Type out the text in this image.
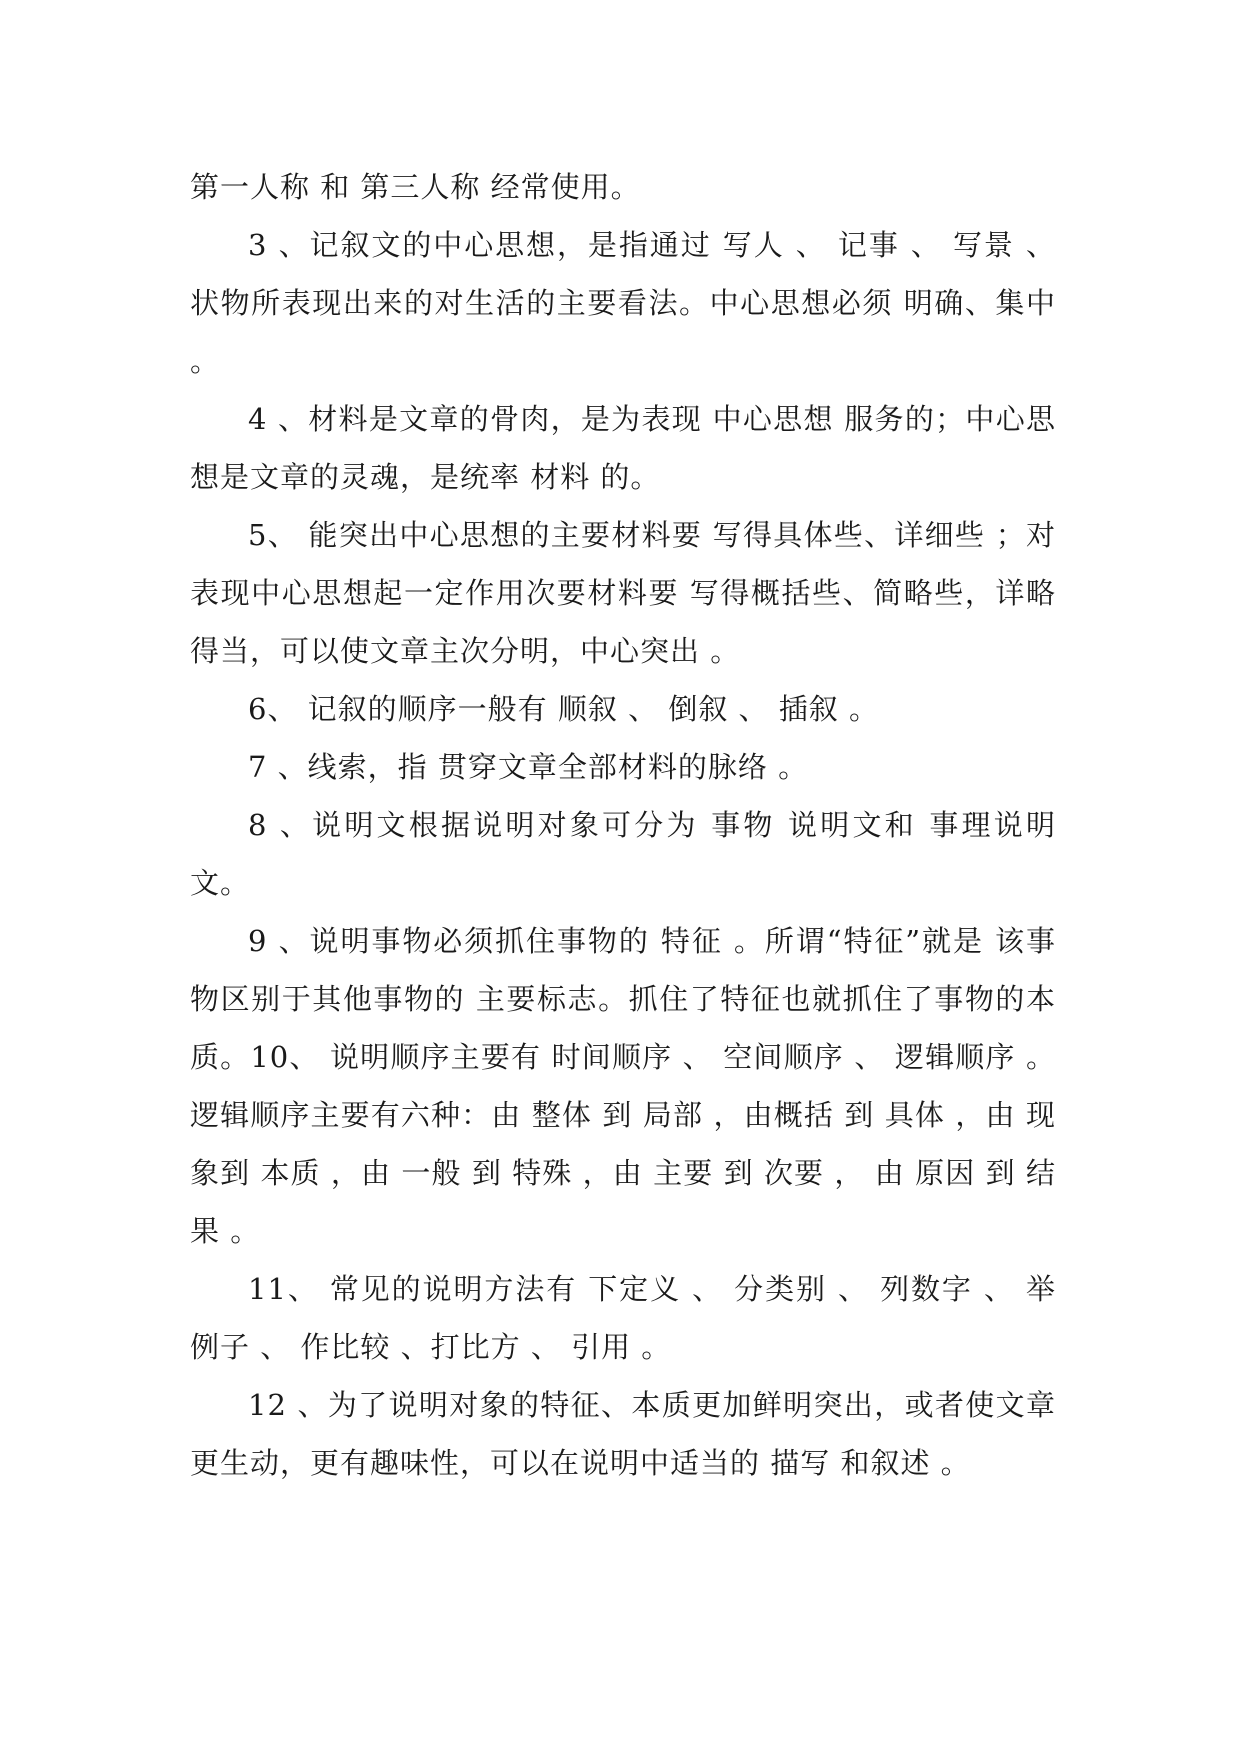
第一人称 和 第三人称 经常使用。

3 、记叙文的中心思想，是指通过 写人 、 记事 、 写景 、状物所表现出来的对生活的主要看法。中心思想必须 明确、集中 。

4 、材料是文章的骨肉，是为表现 中心思想 服务的；中心思想是文章的灵魂，是统率 材料 的。

5、 能突出中心思想的主要材料要 写得具体些、详细些 ；对表现中心思想起一定作用次要材料要 写得概括些、简略些，详略得当，可以使文章主次分明，中心突出 。

6、 记叙的顺序一般有 顺叙 、 倒叙 、 插叙 。

7 、线索，指 贯穿文章全部材料的脉络 。

8 、说明文根据说明对象可分为 事物 说明文和 事理说明文。

9 、说明事物必须抓住事物的 特征 。所谓“特征”就是 该事物区别于其他事物的 主要标志。抓住了特征也就抓住了事物的本质。10、 说明顺序主要有 时间顺序 、 空间顺序 、 逻辑顺序 。逻辑顺序主要有六种：由 整体 到 局部 ，由概括 到 具体 ，由 现象到 本质 ，由 一般 到 特殊 ，由 主要 到 次要 ， 由 原因 到 结果 。

11、 常见的说明方法有 下定义 、 分类别 、 列数字 、 举例子 、 作比较 、打比方 、 引用 。

12 、为了说明对象的特征、本质更加鲜明突出，或者使文章更生动，更有趣味性，可以在说明中适当的 描写 和叙述 。
